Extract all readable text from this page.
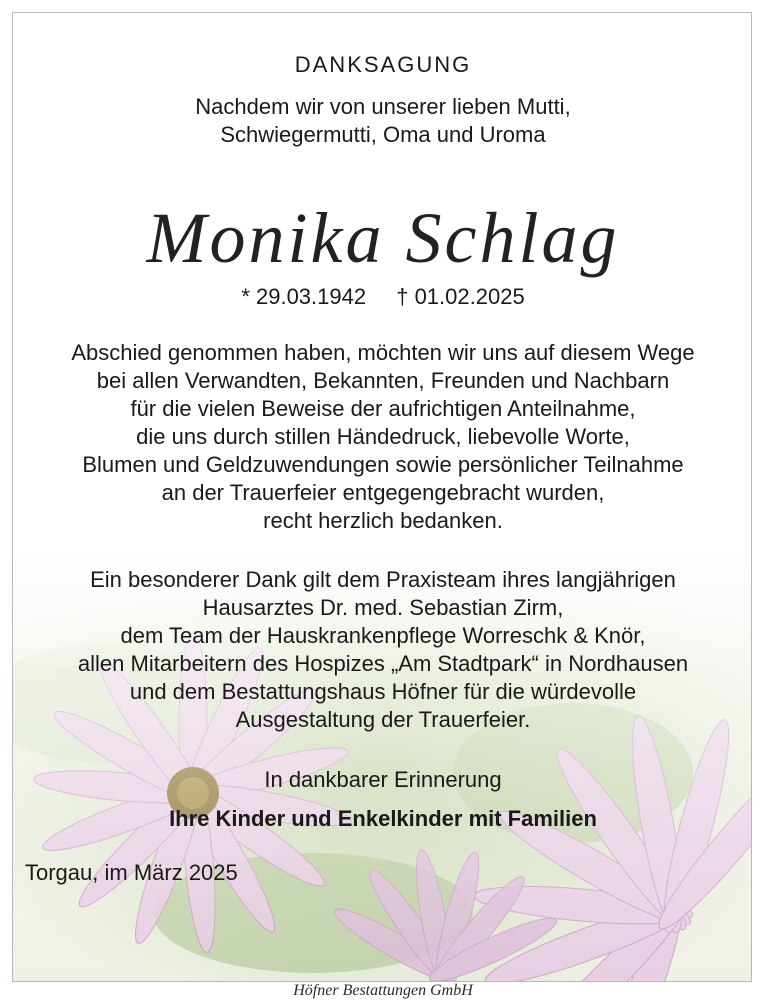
DANKSAGUNG
Nachdem wir von unserer lieben Mutti,
Schwiegermutti, Oma und Uroma
Monika Schlag
* 29.03.1942 † 01.02.2025
Abschied genommen haben, möchten wir uns auf diesem Wege
bei allen Verwandten, Bekannten, Freunden und Nachbarn
für die vielen Beweise der aufrichtigen Anteilnahme,
die uns durch stillen Händedruck, liebevolle Worte,
Blumen und Geldzuwendungen sowie persönlicher Teilnahme
an der Trauerfeier entgegengebracht wurden,
recht herzlich bedanken.
Ein besonderer Dank gilt dem Praxisteam ihres langjährigen
Hausarztes Dr. med. Sebastian Zirm,
dem Team der Hauskrankenpflege Worreschk & Knör,
allen Mitarbeitern des Hospizes „Am Stadtpark“ in Nordhausen
und dem Bestattungshaus Höfner für die würdevolle
Ausgestaltung der Trauerfeier.
In dankbarer Erinnerung
Ihre Kinder und Enkelkinder mit Familien
Torgau, im März 2025
Höfner Bestattungen GmbH
